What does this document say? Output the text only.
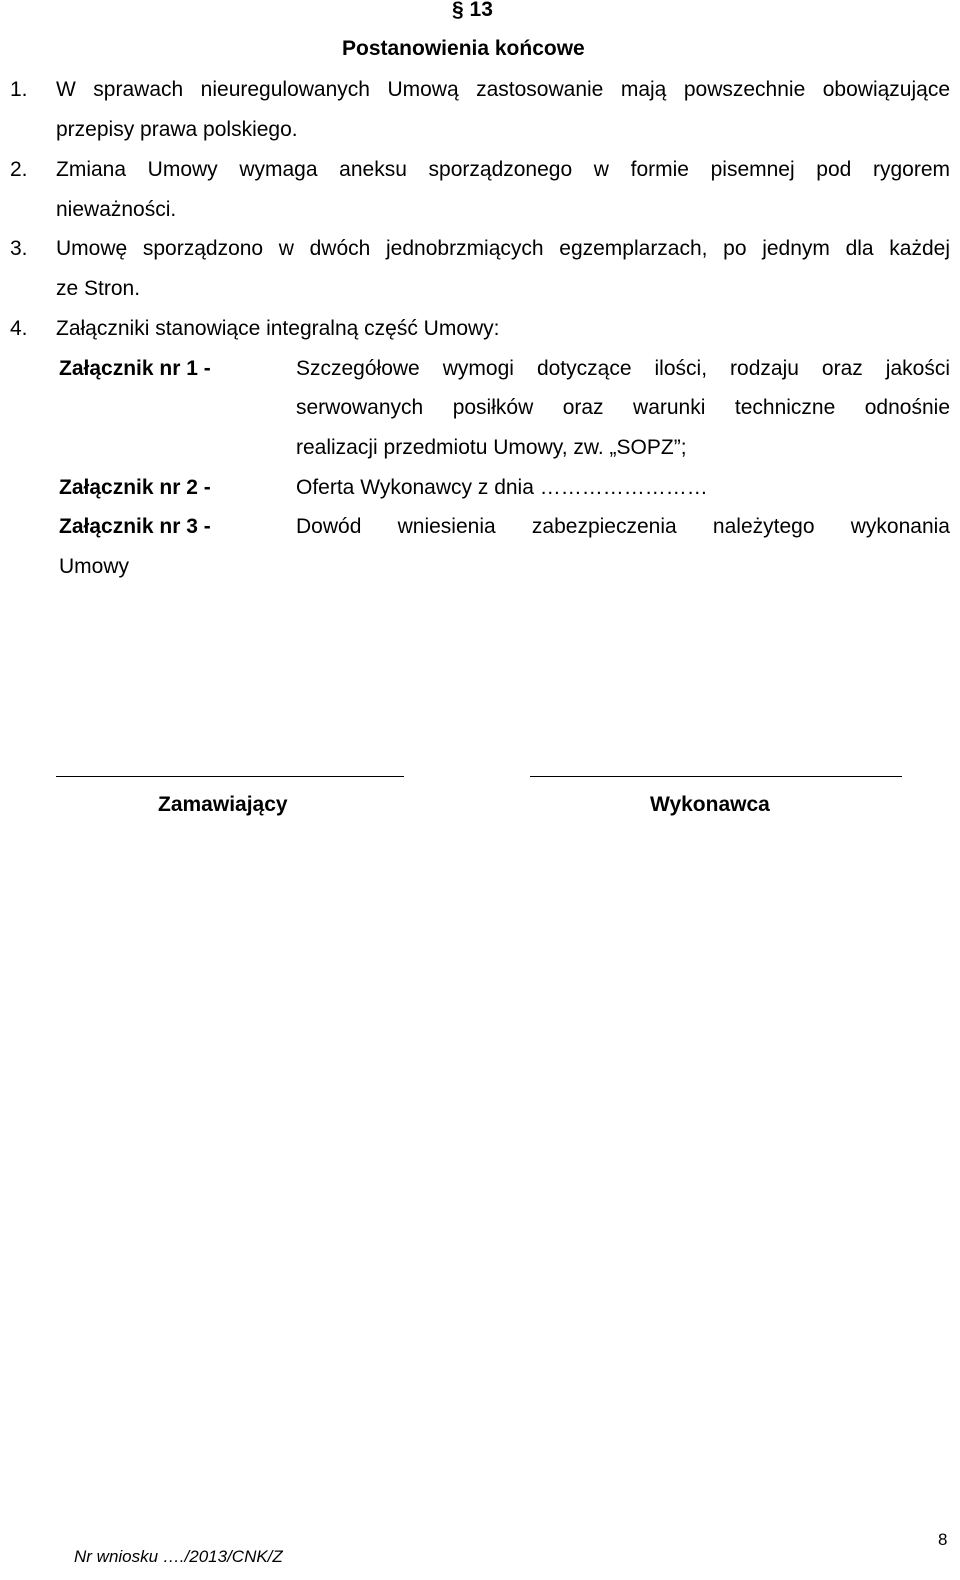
§ 13
Postanowienia końcowe
1. W sprawach nieuregulowanych Umową zastosowanie mają powszechnie obowiązujące
przepisy prawa polskiego.
2. Zmiana Umowy wymaga aneksu sporządzonego w formie pisemnej pod rygorem
nieważności.
3. Umowę sporządzono w dwóch jednobrzmiących egzemplarzach, po jednym dla każdej
ze Stron.
4. Załączniki stanowiące integralną część Umowy:
Załącznik nr 1 -	Szczegółowe wymogi dotyczące ilości, rodzaju oraz jakości
serwowanych posiłków oraz warunki techniczne odnośnie
realizacji przedmiotu Umowy, zw. „SOPZ”;
Załącznik nr 2 -	Oferta Wykonawcy z dnia ……………………
Załącznik nr 3 -	Dowód wniesienia zabezpieczenia należytego wykonania
Umowy
Zamawiający	Wykonawca
8
Nr wniosku …./2013/CNK/Z
